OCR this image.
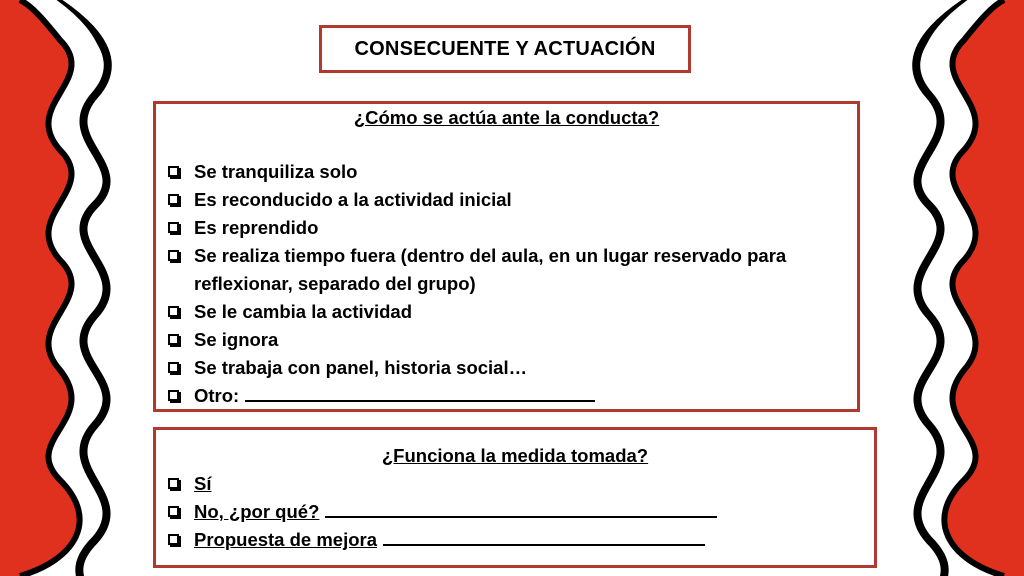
CONSECUENTE Y ACTUACIÓN
¿Cómo se actúa ante la conducta?
Se tranquiliza solo
Es reconducido a la actividad inicial
Es reprendido
Se realiza tiempo fuera (dentro del aula, en un lugar reservado para reflexionar, separado del grupo)
Se le cambia la actividad
Se ignora
Se trabaja con panel, historia social…
Otro:
¿Funciona la medida tomada?
Sí
No, ¿por qué?
Propuesta de mejora
